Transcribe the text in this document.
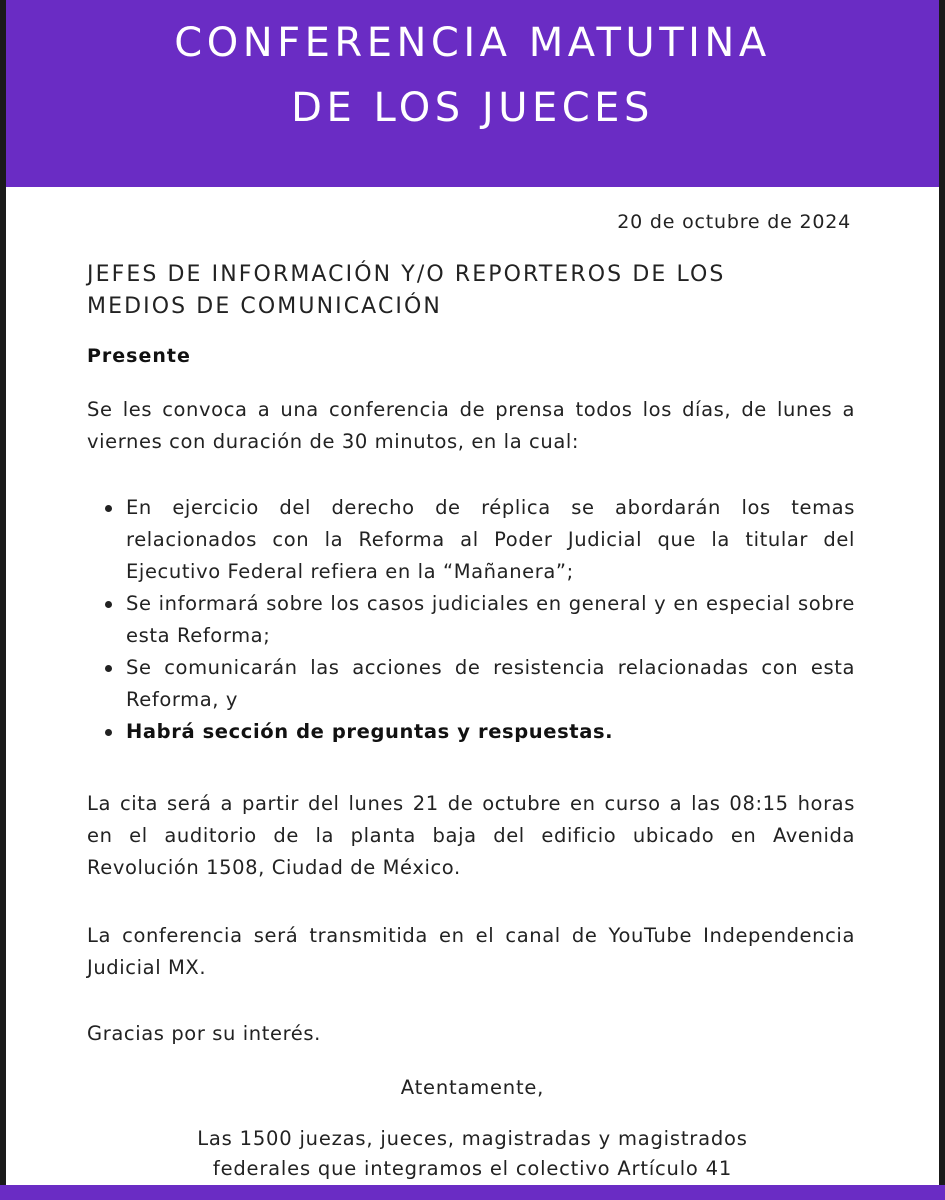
CONFERENCIA MATUTINA
DE LOS JUECES
20 de octubre de 2024
JEFES DE INFORMACIÓN Y/O REPORTEROS DE LOS
MEDIOS DE COMUNICACIÓN
Presente
Se les convoca a una conferencia de prensa todos los días, de lunes a viernes con duración de 30 minutos, en la cual:
En ejercicio del derecho de réplica se abordarán los temas relacionados con la Reforma al Poder Judicial que la titular del Ejecutivo Federal refiera en la “Mañanera”;
Se informará sobre los casos judiciales en general y en especial sobre esta Reforma;
Se comunicarán las acciones de resistencia relacionadas con esta Reforma, y
Habrá sección de preguntas y respuestas.
La cita será a partir del lunes 21 de octubre en curso a las 08:15 horas en el auditorio de la planta baja del edificio ubicado en Avenida Revolución 1508, Ciudad de México.
La conferencia será transmitida en el canal de YouTube Independencia Judicial MX.
Gracias por su interés.
Atentamente,
Las 1500 juezas, jueces, magistradas y magistrados
federales que integramos el colectivo Artículo 41
